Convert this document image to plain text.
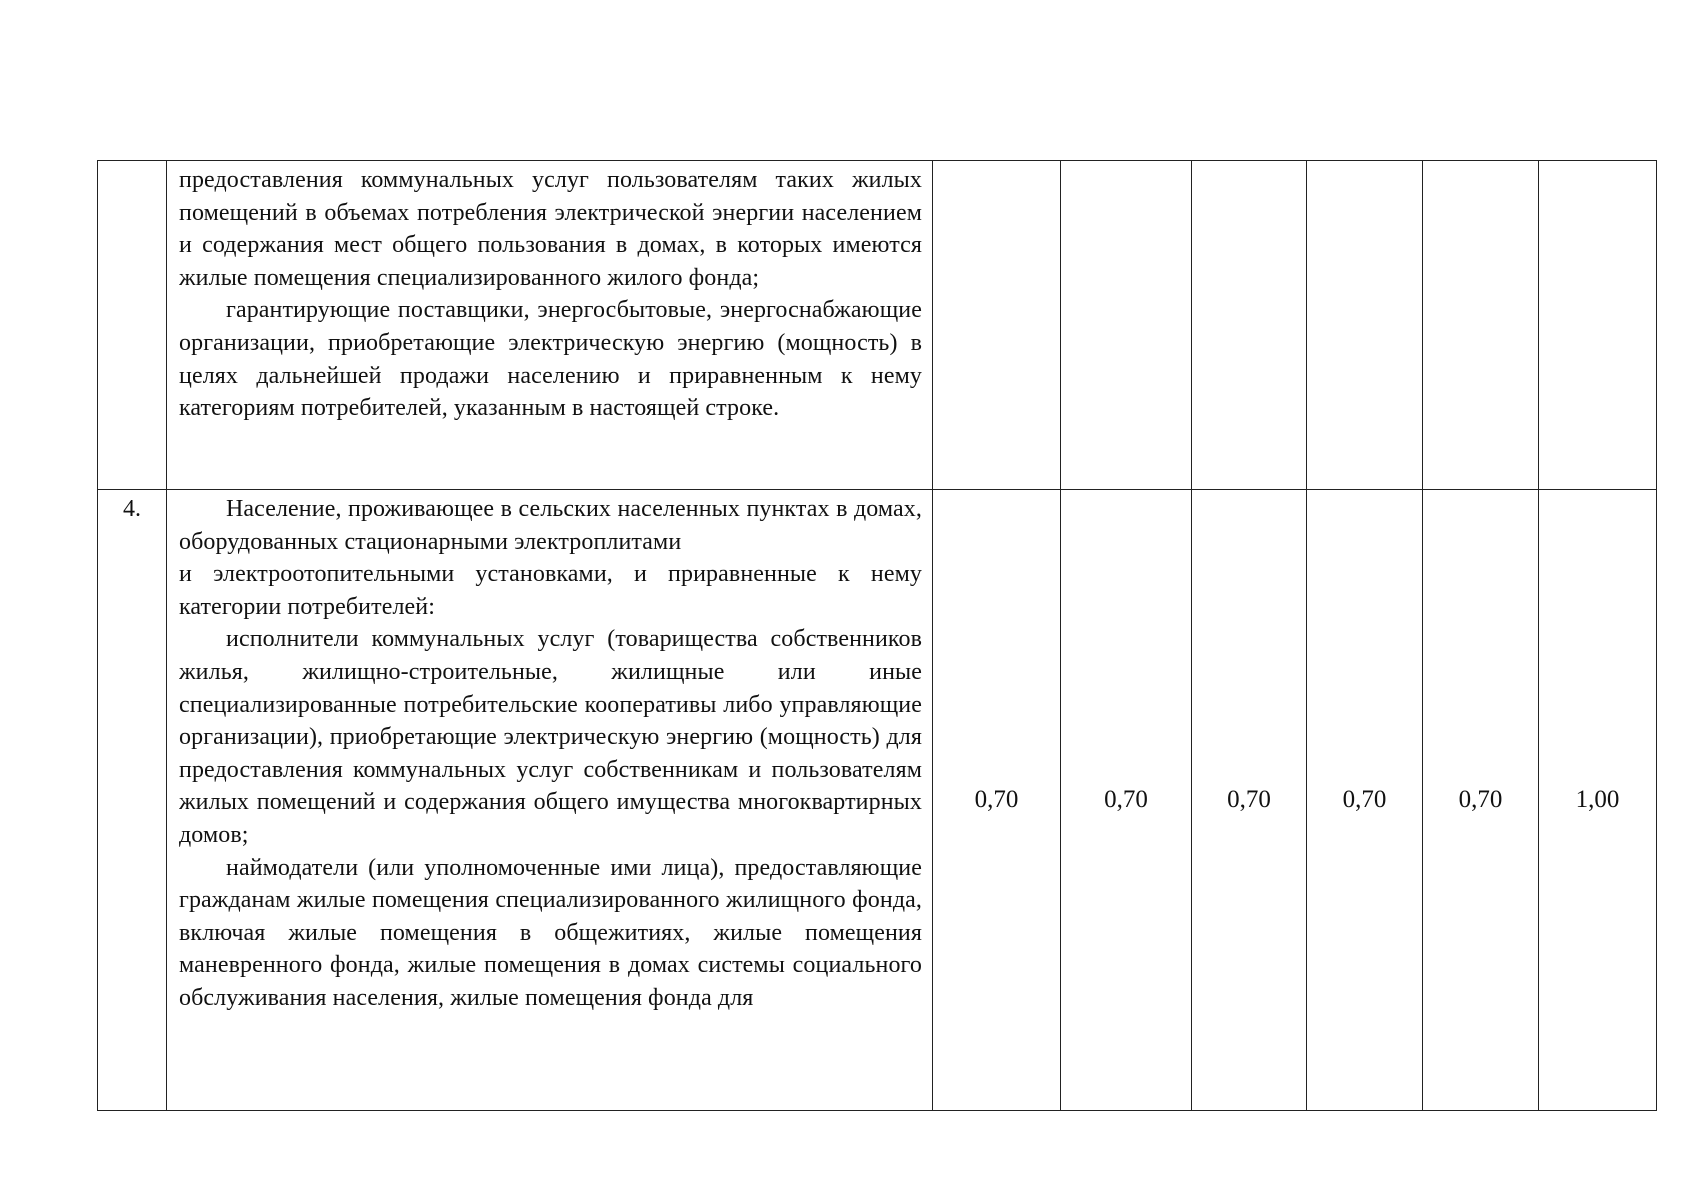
	предоставления коммунальных услуг пользователям таких жилых помещений в объемах потребления электрической энергии населением и содержания мест общего пользования в домах, в которых имеются жилые помещения специализированного жилого фонда;

гарантирующие поставщики, энергосбытовые, энергоснабжающие организации, приобретающие электрическую энергию (мощность) в целях дальнейшей продажи населению и приравненным к нему категориям потребителей, указанным в настоящей строке.						

4.	Население, проживающее в сельских населенных пунктах в домах, оборудованных стационарными электроплитами

и электроотопительными установками, и приравненные к нему категории потребителей:

исполнители коммунальных услуг (товарищества собственников жилья, жилищно-строительные, жилищные или иные специализированные потребительские кооперативы либо управляющие организации), приобретающие электрическую энергию (мощность) для предоставления коммунальных услуг собственникам и пользователям жилых помещений и содержания общего имущества многоквартирных домов;

наймодатели (или уполномоченные ими лица), предоставляющие гражданам жилые помещения специализированного жилищного фонда, включая жилые помещения в общежитиях, жилые помещения маневренного фонда, жилые помещения в домах системы социального обслуживания населения, жилые помещения фонда для	0,70	0,70	0,70	0,70	0,70	1,00
